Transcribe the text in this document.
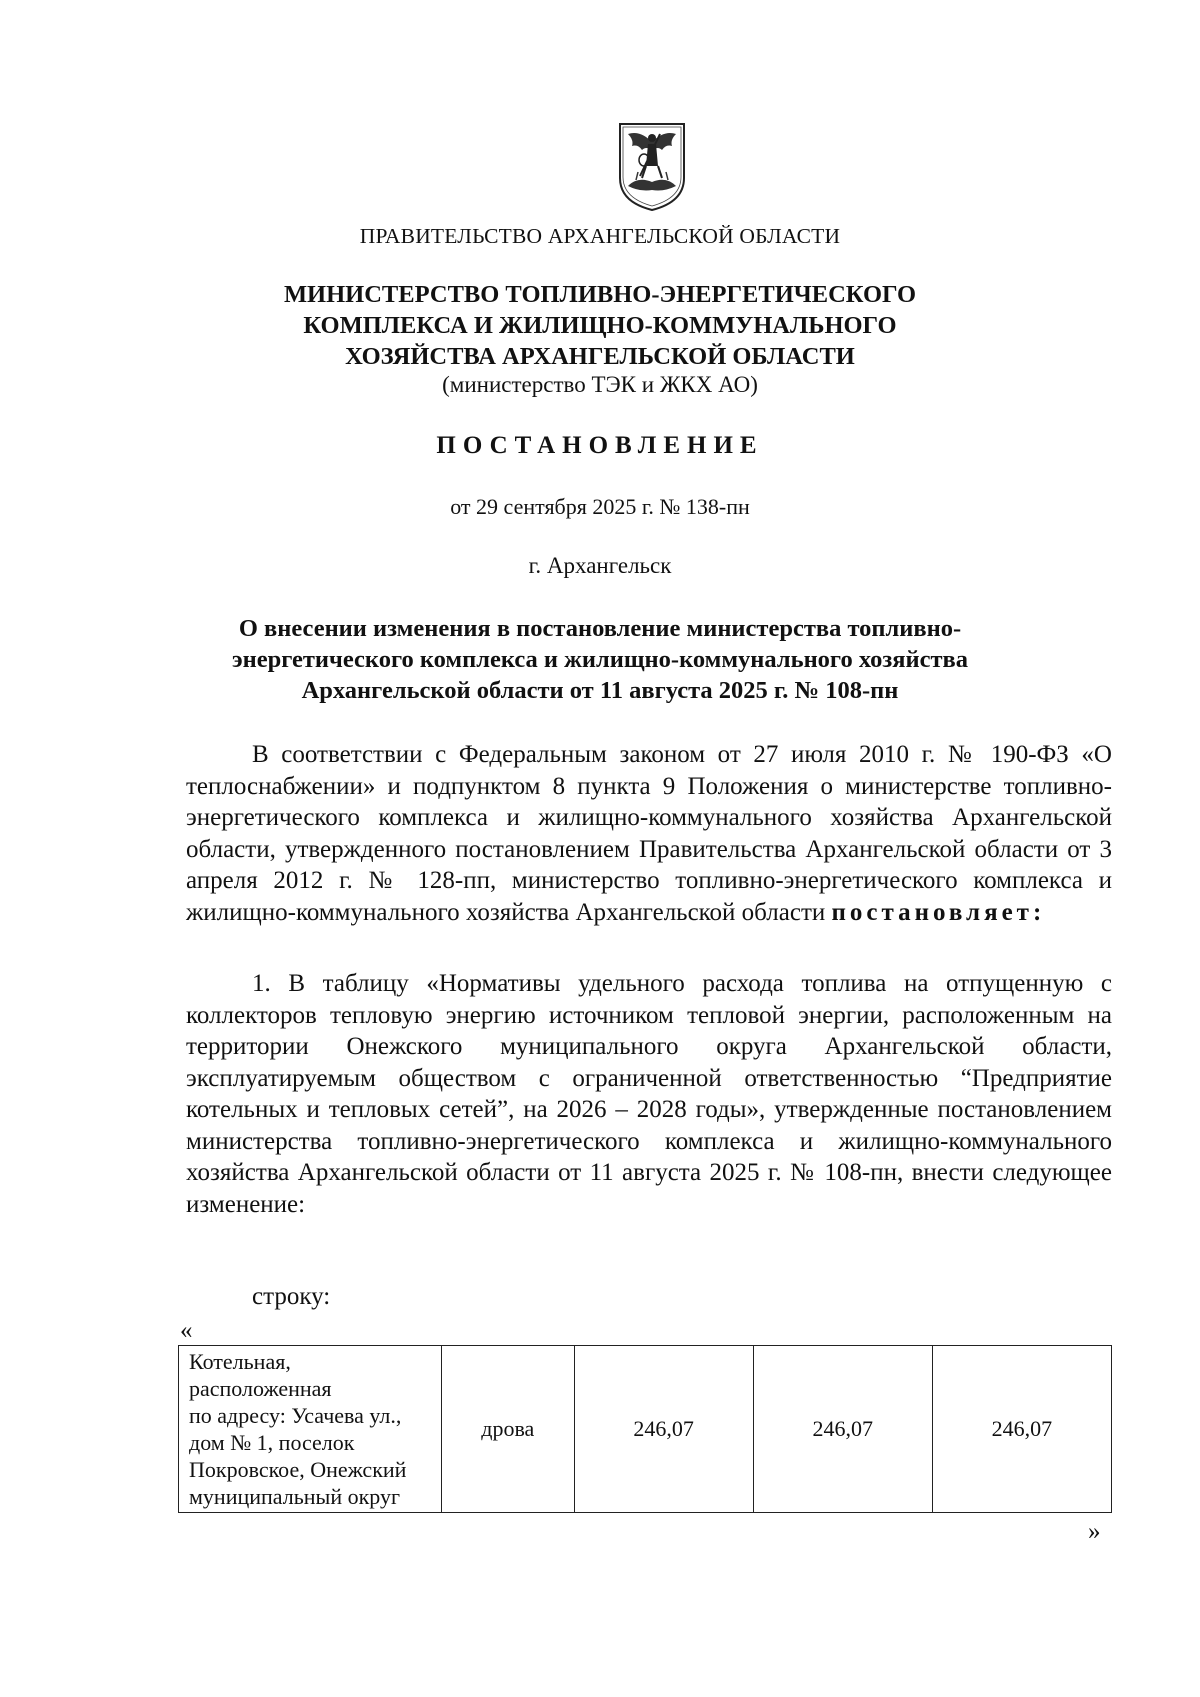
ПРАВИТЕЛЬСТВО АРХАНГЕЛЬСКОЙ ОБЛАСТИ
МИНИСТЕРСТВО ТОПЛИВНО-ЭНЕРГЕТИЧЕСКОГО
КОМПЛЕКСА И ЖИЛИЩНО-КОММУНАЛЬНОГО
ХОЗЯЙСТВА АРХАНГЕЛЬСКОЙ ОБЛАСТИ
(министерство ТЭК и ЖКХ АО)
ПОСТАНОВЛЕНИЕ
от 29 сентября 2025 г. № 138-пн
г. Архангельск
О внесении изменения в постановление министерства топливно-
энергетического комплекса и жилищно-коммунального хозяйства
Архангельской области от 11 августа 2025 г. № 108-пн

В соответствии с Федеральным законом от 27 июля 2010 г. № 190-ФЗ «О теплоснабжении» и подпунктом 8 пункта 9 Положения о министерстве топливно-энергетического комплекса и жилищно-коммунального хозяйства Архангельской области, утвержденного постановлением Правительства Архангельской области от 3 апреля 2012 г. № 128-пп, министерство топливно-энергетического комплекса и жилищно-коммунального хозяйства Архангельской области постановляет:

1. В таблицу «Нормативы удельного расхода топлива на отпущенную с коллекторов тепловую энергию источником тепловой энергии, расположенным на территории Онежского муниципального округа Архангельской области, эксплуатируемым обществом с ограниченной ответственностью “Предприятие котельных и тепловых сетей”, на 2026 – 2028 годы», утвержденные постановлением министерства топливно-энергетического комплекса и жилищно-коммунального хозяйства Архангельской области от 11 августа 2025 г. № 108-пн, внести следующее изменение:

строку:
«
Котельная,
расположенная
по адресу: Усачева ул.,
дом № 1, поселок
Покровское, Онежский
муниципальный округ
	дрова	246,07	246,07	246,07
»
